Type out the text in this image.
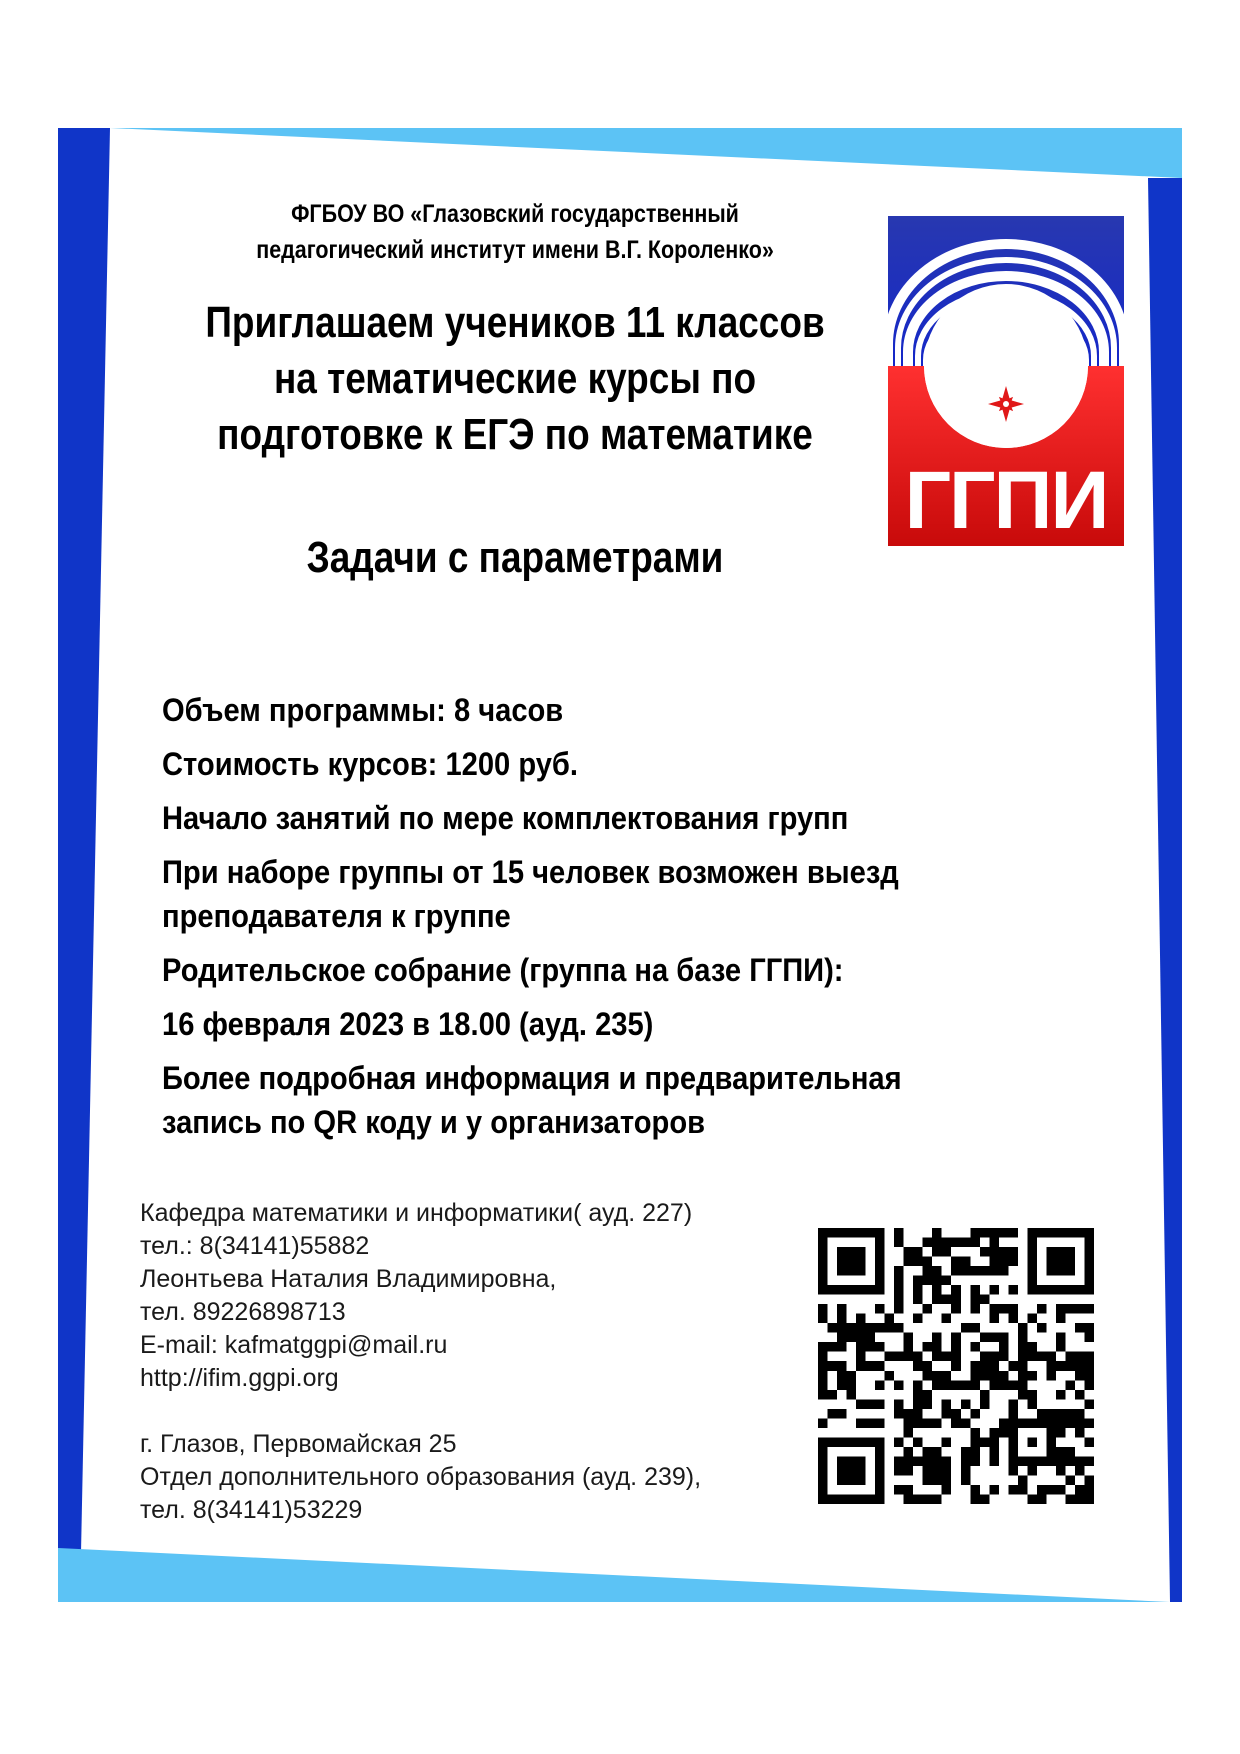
ФГБОУ ВО «Глазовский государственный
педагогический институт имени В.Г. Короленко»
Приглашаем учеников 11 классов
на тематические курсы по
подготовке к ЕГЭ по математике
Задачи с параметрами
ГГПИ
Объем программы: 8 часов
Стоимость курсов: 1200 руб.
Начало занятий по мере комплектования групп
При наборе группы от 15 человек возможен выезд
преподавателя к группе
Родительское собрание (группа на базе ГГПИ):
16 февраля 2023 в 18.00 (ауд. 235)
Более подробная информация и предварительная
запись по QR коду и у организаторов
Кафедра математики и информатики( ауд. 227)
тел.: 8(34141)55882
Леонтьева Наталия Владимировна,
тел. 89226898713
E-mail: kafmatggpi@mail.ru
http://ifim.ggpi.org
г. Глазов, Первомайская 25
Отдел дополнительного образования (ауд. 239),
тел. 8(34141)53229
